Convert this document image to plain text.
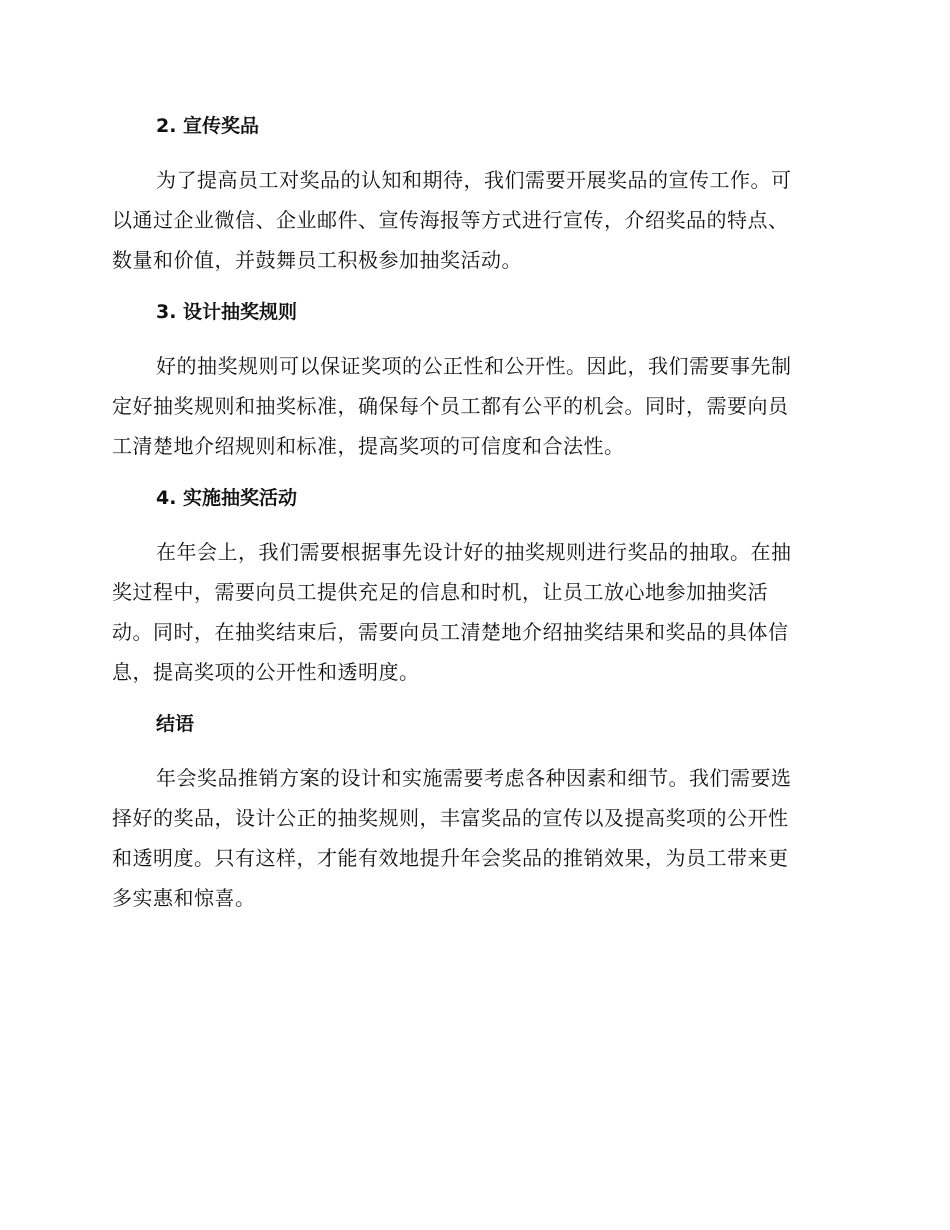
2. 宣传奖品
为了提高员工对奖品的认知和期待，我们需要开展奖品的宣传工作。可
以通过企业微信、企业邮件、宣传海报等方式进行宣传，介绍奖品的特点、
数量和价值，并鼓舞员工积极参加抽奖活动。
3. 设计抽奖规则
好的抽奖规则可以保证奖项的公正性和公开性。因此，我们需要事先制
定好抽奖规则和抽奖标准，确保每个员工都有公平的机会。同时，需要向员
工清楚地介绍规则和标准，提高奖项的可信度和合法性。
4. 实施抽奖活动
在年会上，我们需要根据事先设计好的抽奖规则进行奖品的抽取。在抽
奖过程中，需要向员工提供充足的信息和时机，让员工放心地参加抽奖活
动。同时，在抽奖结束后，需要向员工清楚地介绍抽奖结果和奖品的具体信
息，提高奖项的公开性和透明度。
结语
年会奖品推销方案的设计和实施需要考虑各种因素和细节。我们需要选
择好的奖品，设计公正的抽奖规则，丰富奖品的宣传以及提高奖项的公开性
和透明度。只有这样，才能有效地提升年会奖品的推销效果，为员工带来更
多实惠和惊喜。
